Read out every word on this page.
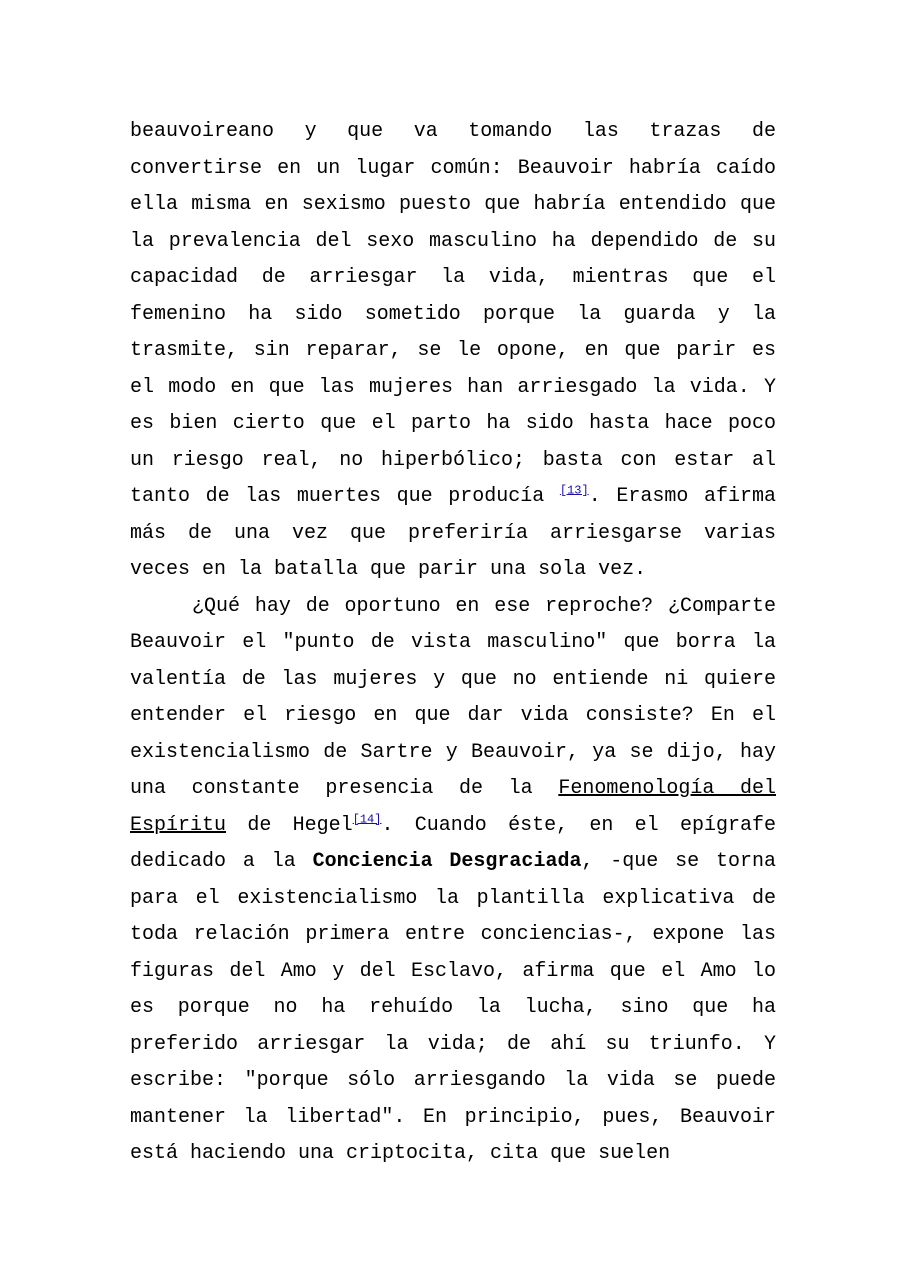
beauvoireano y que va tomando las trazas de convertirse en un lugar común: Beauvoir habría caído ella misma en sexismo puesto que habría entendido que la prevalencia del sexo masculino ha dependido de su capacidad de arriesgar la vida, mientras que el femenino ha sido sometido porque la guarda y la trasmite, sin reparar, se le opone, en que parir es el modo en que las mujeres han arriesgado la vida. Y es bien cierto que el parto ha sido hasta hace poco un riesgo real, no hiperbólico; basta con estar al tanto de las muertes que producía [13]. Erasmo afirma más de una vez que preferiría arriesgarse varias veces en la batalla que parir una sola vez.

¿Qué hay de oportuno en ese reproche? ¿Comparte Beauvoir el "punto de vista masculino" que borra la valentía de las mujeres y que no entiende ni quiere entender el riesgo en que dar vida consiste? En el existencialismo de Sartre y Beauvoir, ya se dijo, hay una constante presencia de la Fenomenología del Espíritu de Hegel[14]. Cuando éste, en el epígrafe dedicado a la Conciencia Desgraciada, -que se torna para el existencialismo la plantilla explicativa de toda relación primera entre conciencias-, expone las figuras del Amo y del Esclavo, afirma que el Amo lo es porque no ha rehuído la lucha, sino que ha preferido arriesgar la vida; de ahí su triunfo. Y escribe: "porque sólo arriesgando la vida se puede mantener la libertad". En principio, pues, Beauvoir está haciendo una criptocita, cita que suelen
